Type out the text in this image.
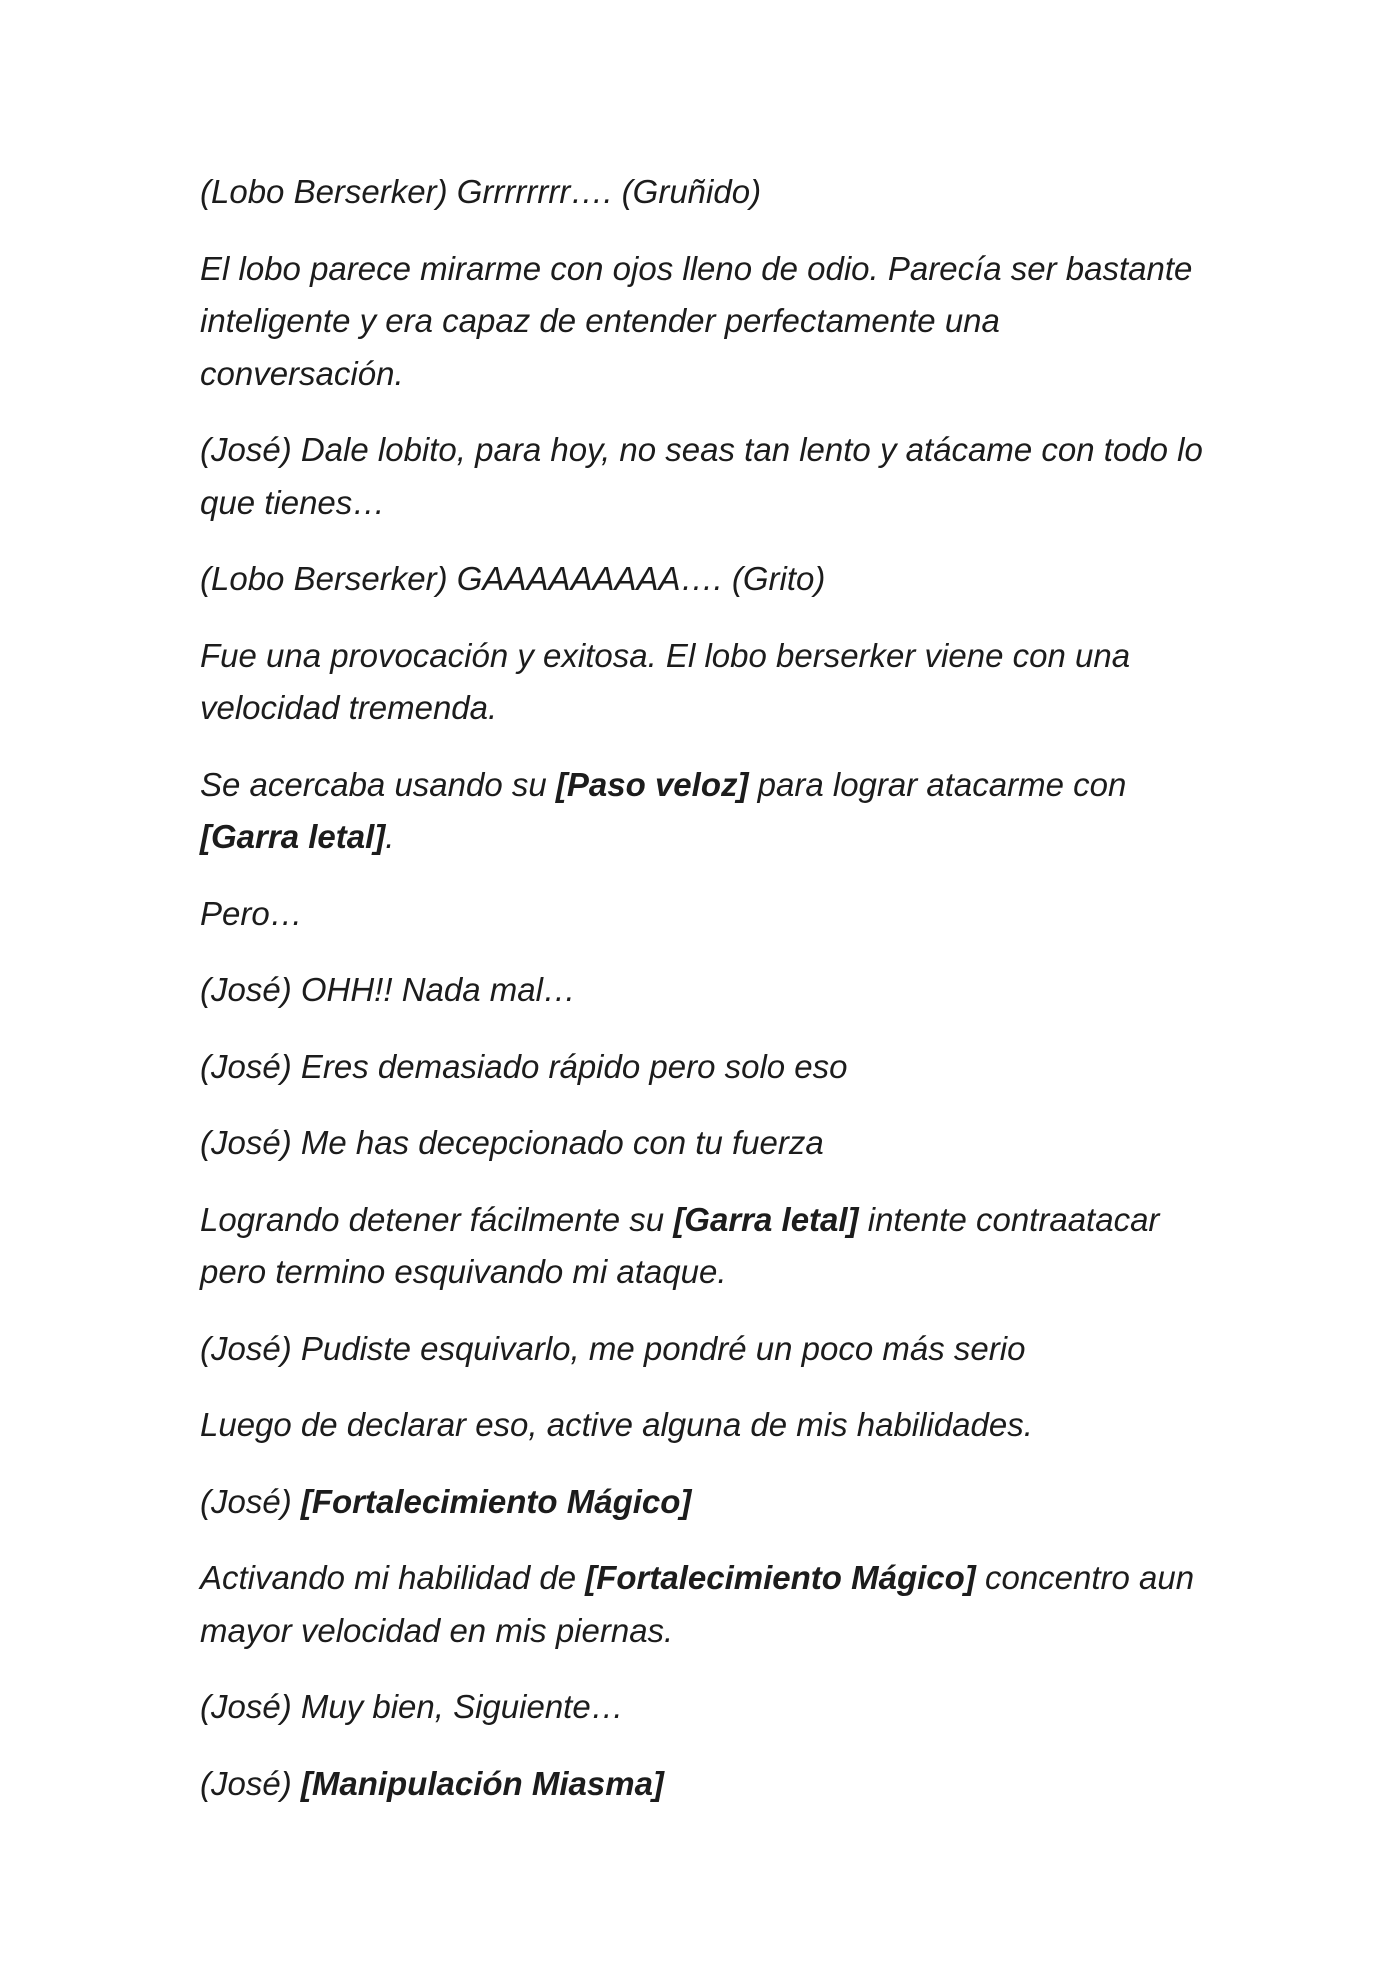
(Lobo Berserker) Grrrrrrrr…. (Gruñido)

El lobo parece mirarme con ojos lleno de odio. Parecía ser bastante inteligente y era capaz de entender perfectamente una conversación.

(José) Dale lobito, para hoy, no seas tan lento y atácame con todo lo que tienes…

(Lobo Berserker) GAAAAAAAAA…. (Grito)

Fue una provocación y exitosa. El lobo berserker viene con una velocidad tremenda.

Se acercaba usando su [Paso veloz] para lograr atacarme con [Garra letal].

Pero…

(José) OHH!! Nada mal…

(José) Eres demasiado rápido pero solo eso

(José) Me has decepcionado con tu fuerza

Logrando detener fácilmente su [Garra letal] intente contraatacar pero termino esquivando mi ataque.

(José) Pudiste esquivarlo, me pondré un poco más serio

Luego de declarar eso, active alguna de mis habilidades.

(José) [Fortalecimiento Mágico]

Activando mi habilidad de [Fortalecimiento Mágico] concentro aun mayor velocidad en mis piernas.

(José) Muy bien, Siguiente…

(José) [Manipulación Miasma]
